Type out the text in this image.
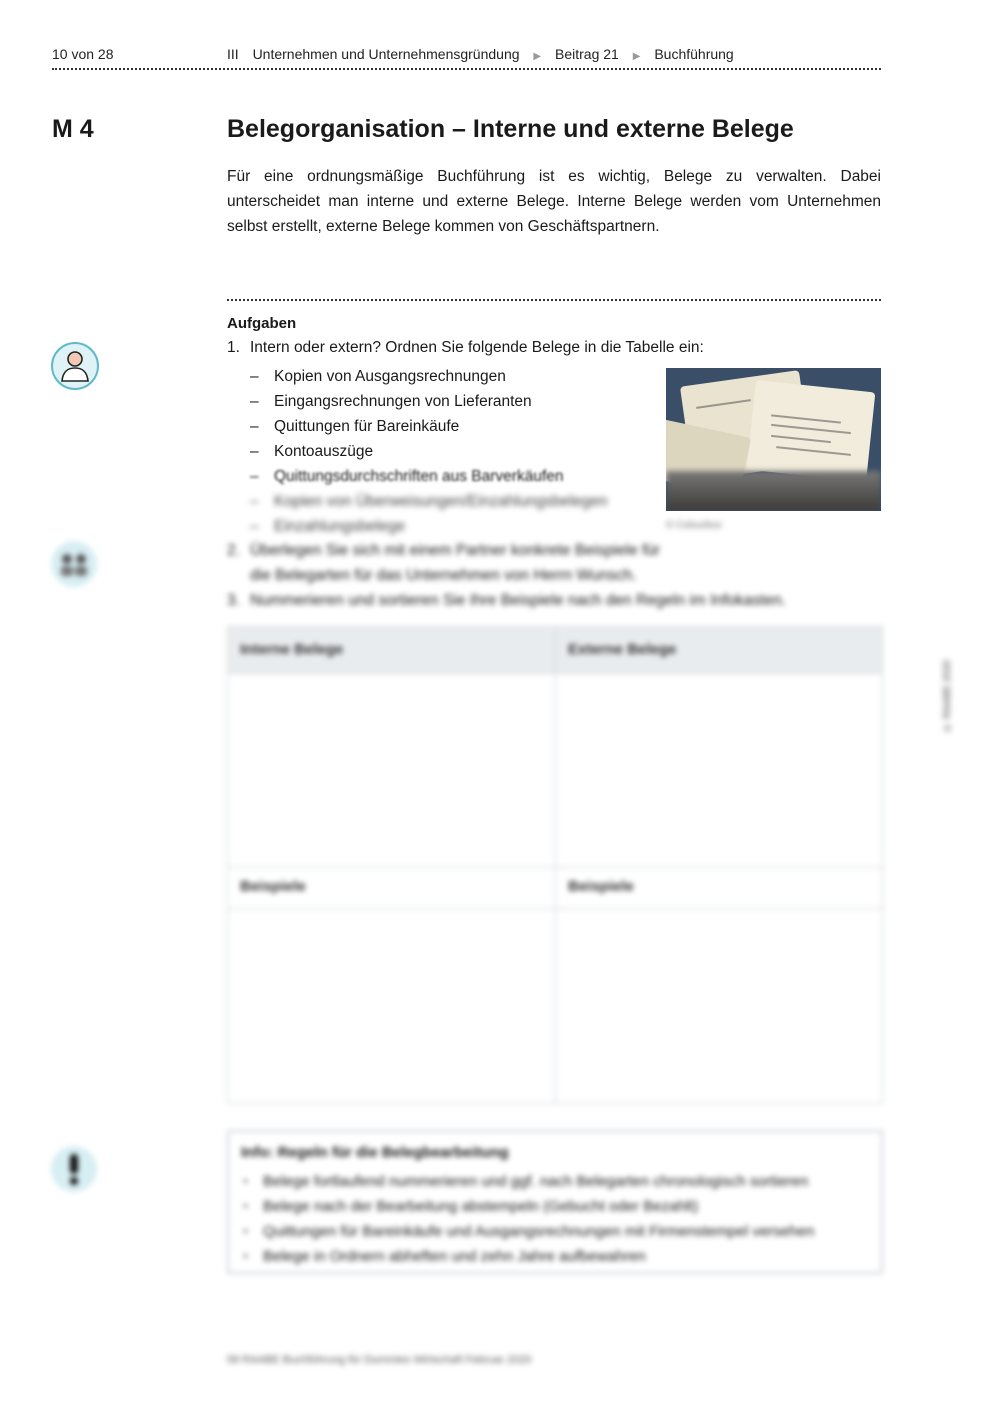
10 von 28	III Unternehmen und Unternehmensgründung ▶ Beitrag 21 ▶ Buchführung
M 4	Belegorganisation – Interne und externe Belege

Für eine ordnungsmäßige Buchführung ist es wichtig, Belege zu verwalten. Dabei unterscheidet man interne und externe Belege. Interne Belege werden vom Unternehmen selbst erstellt, externe Belege kommen von Geschäftspartnern.

Aufgaben
1. Intern oder extern? Ordnen Sie folgende Belege in die Tabelle ein:
– Kopien von Ausgangsrechnungen
– Eingangsrechnungen von Lieferanten
– Quittungen für Bareinkäufe
– Kontoauszüge
– Quittungsdurchschriften aus Barverkäufen
– Kopien von Überweisungen/Einzahlungsbelegen
– Einzahlungsbelege
2. Überlegen Sie sich mit einem Partner konkrete Beispiele für
die Belegarten für das Unternehmen von Herrn Wunsch.
3. Nummerieren und sortieren Sie Ihre Beispiele nach den Regeln im Infokasten.
© Colourbox
Interne Belege	Externe Belege
Beispiele	Beispiele
Info: Regeln für die Belegbearbeitung
• Belege fortlaufend nummerieren und ggf. nach Belegarten chronologisch sortieren
• Belege nach der Bearbeitung abstempeln (Gebucht oder Bezahlt)
• Quittungen für Bareinkäufe und Ausgangsrechnungen mit Firmenstempel versehen
• Belege in Ordnern abheften und zehn Jahre aufbewahren
© RAABE 2020
58 RAABE Buchführung für Dummies Wirtschaft Februar 2020
